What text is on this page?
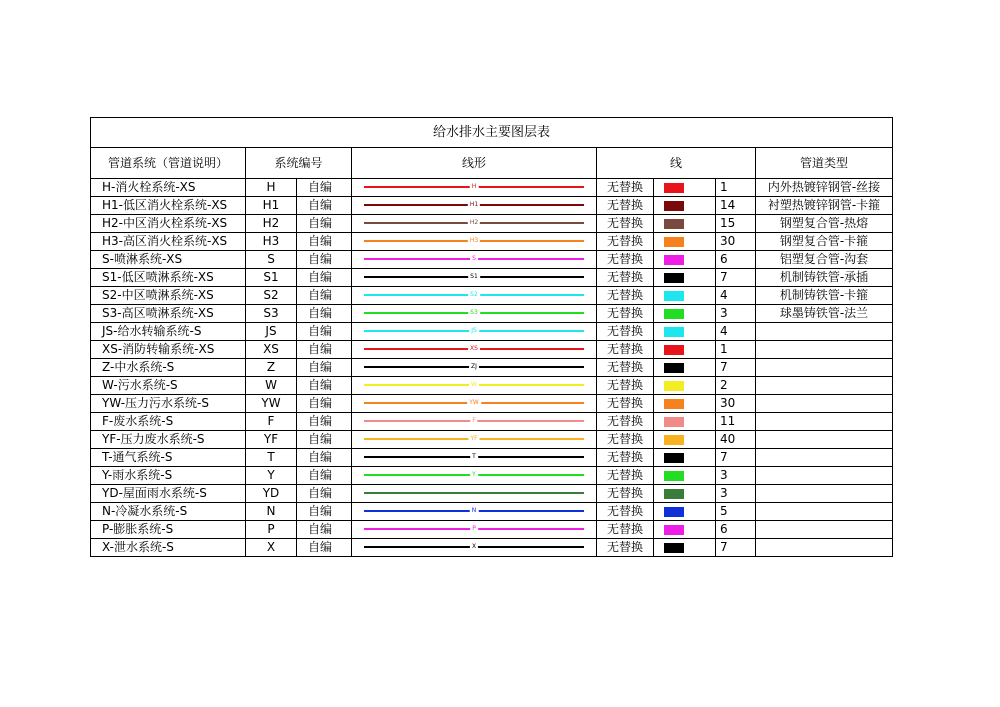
给水排水主要图层表							
管道系统（管道说明）	系统编号		线形	线			管道类型
H-消火栓系统-XS	H	自编	H	无替换		1	内外热镀锌钢管-丝接
H1-低区消火栓系统-XS	H1	自编	H1	无替换		14	衬塑热镀锌钢管-卡箍
H2-中区消火栓系统-XS	H2	自编	H2	无替换		15	钢塑复合管-热熔
H3-高区消火栓系统-XS	H3	自编	H3	无替换		30	钢塑复合管-卡箍
S-喷淋系统-XS	S	自编	S	无替换		6	铝塑复合管-沟套
S1-低区喷淋系统-XS	S1	自编	S1	无替换		7	机制铸铁管-承插
S2-中区喷淋系统-XS	S2	自编	S2	无替换		4	机制铸铁管-卡箍
S3-高区喷淋系统-XS	S3	自编	S3	无替换		3	球墨铸铁管-法兰
JS-给水转输系统-S	JS	自编	JS	无替换		4	
XS-消防转输系统-XS	XS	自编	XS	无替换		1	
Z-中水系统-S	Z	自编	ZJ	无替换		7	
W-污水系统-S	W	自编	W	无替换		2	
YW-压力污水系统-S	YW	自编	YW	无替换		30	
F-废水系统-S	F	自编	F	无替换		11	
YF-压力废水系统-S	YF	自编	YF	无替换		40	
T-通气系统-S	T	自编	T	无替换		7	
Y-雨水系统-S	Y	自编	Y	无替换		3	
YD-屋面雨水系统-S	YD	自编		无替换		3	
N-冷凝水系统-S	N	自编	N	无替换		5	
P-膨胀系统-S	P	自编	P	无替换		6	
X-泄水系统-S	X	自编	X	无替换		7	
